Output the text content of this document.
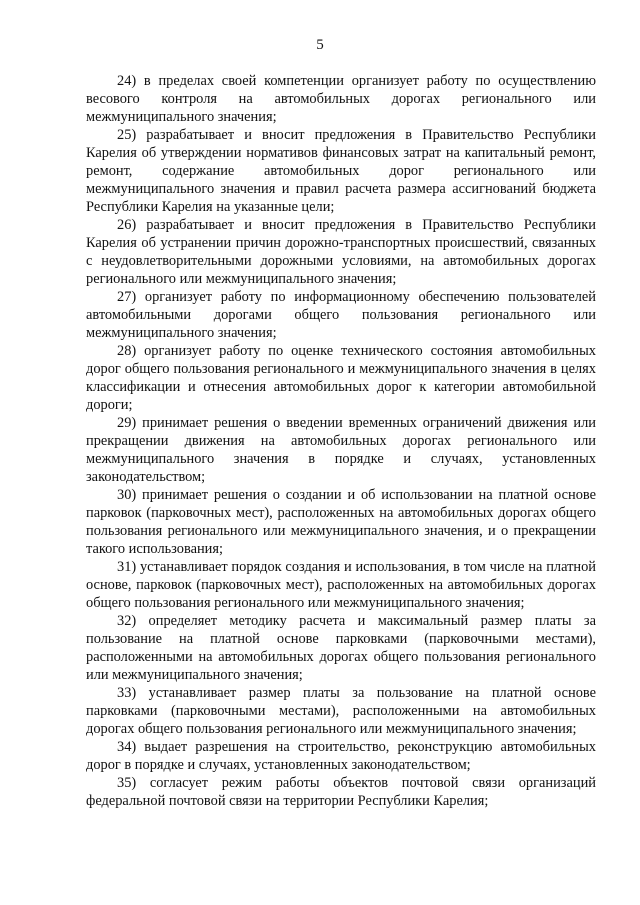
5

24) в пределах своей компетенции организует работу по осуществлению весового контроля на автомобильных дорогах регионального или межмуниципального значения;

25) разрабатывает и вносит предложения в Правительство Республики Карелия об утверждении нормативов финансовых затрат на капитальный ремонт, ремонт, содержание автомобильных дорог регионального или межмуниципального значения и правил расчета размера ассигнований бюджета Республики Карелия на указанные цели;

26) разрабатывает и вносит предложения в Правительство Республики Карелия об устранении причин дорожно-транспортных происшествий, связанных с неудовлетворительными дорожными условиями, на автомобильных дорогах регионального или межмуниципального значения;

27) организует работу по информационному обеспечению пользователей автомобильными дорогами общего пользования регионального или межмуниципального значения;

28) организует работу по оценке технического состояния автомобильных дорог общего пользования регионального и межмуниципального значения в целях классификации и отнесения автомобильных дорог к категории автомобильной дороги;

29) принимает решения о введении временных ограничений движения или прекращении движения на автомобильных дорогах регионального или межмуниципального значения в порядке и случаях, установленных законодательством;

30) принимает решения о создании и об использовании на платной основе парковок (парковочных мест), расположенных на автомобильных дорогах общего пользования регионального или межмуниципального значения, и о прекращении такого использования;

31) устанавливает порядок создания и использования, в том числе на платной основе, парковок (парковочных мест), расположенных на автомобильных дорогах общего пользования регионального или межмуниципального значения;

32) определяет методику расчета и максимальный размер платы за пользование на платной основе парковками (парковочными местами), расположенными на автомобильных дорогах общего пользования регионального или межмуниципального значения;

33) устанавливает размер платы за пользование на платной основе парковками (парковочными местами), расположенными на автомобильных дорогах общего пользования регионального или межмуниципального значения;

34) выдает разрешения на строительство, реконструкцию автомобильных дорог в порядке и случаях, установленных законодательством;

35) согласует режим работы объектов почтовой связи организаций федеральной почтовой связи на территории Республики Карелия;
